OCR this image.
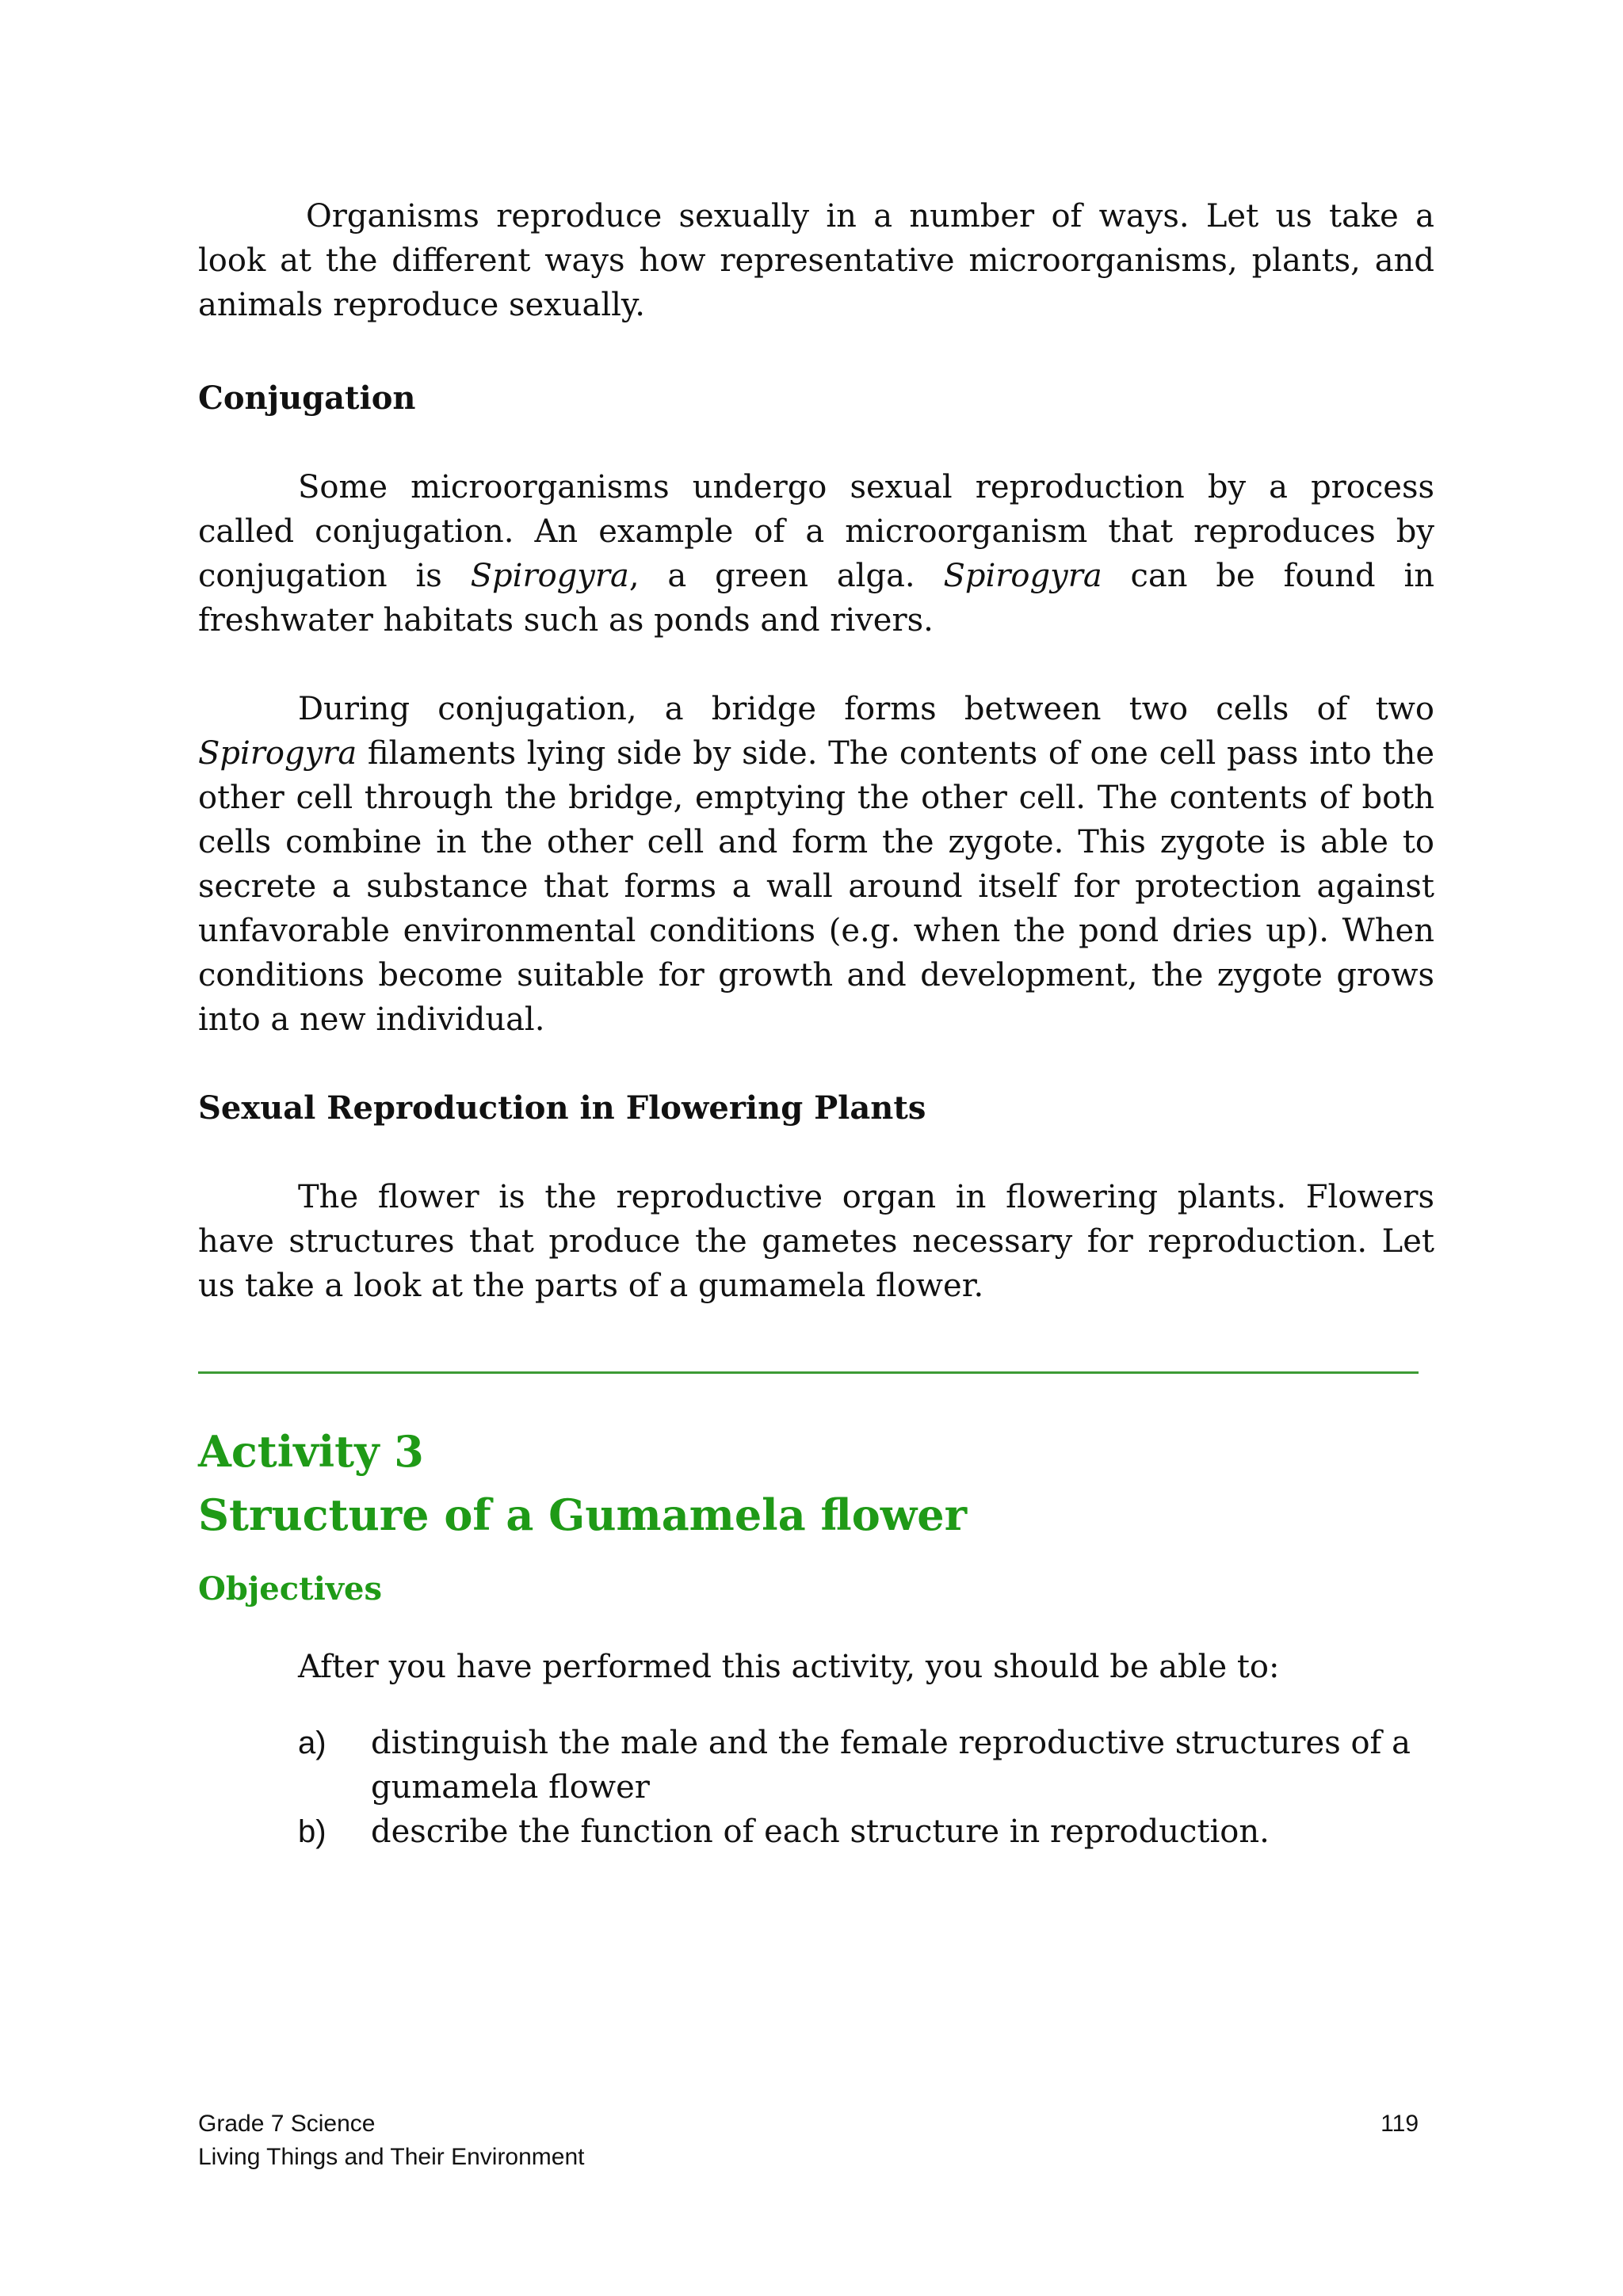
Organisms reproduce sexually in a number of ways. Let us take a look at the different ways how representative microorganisms, plants, and animals reproduce sexually.

Conjugation

Some microorganisms undergo sexual reproduction by a process called conjugation. An example of a microorganism that reproduces by conjugation is Spirogyra, a green alga. Spirogyra can be found in freshwater habitats such as ponds and rivers.

During conjugation, a bridge forms between two cells of two Spirogyra filaments lying side by side. The contents of one cell pass into the other cell through the bridge, emptying the other cell. The contents of both cells combine in the other cell and form the zygote. This zygote is able to secrete a substance that forms a wall around itself for protection against unfavorable environmental conditions (e.g. when the pond dries up). When conditions become suitable for growth and development, the zygote grows into a new individual.

Sexual Reproduction in Flowering Plants

The flower is the reproductive organ in flowering plants. Flowers have structures that produce the gametes necessary for reproduction. Let us take a look at the parts of a gumamela flower.

Activity 3
Structure of a Gumamela flower
Objectives

After you have performed this activity, you should be able to:

a) distinguish the male and the female reproductive structures of a gumamela flower
b) describe the function of each structure in reproduction.
Grade 7 Science
Living Things and Their Environment
119
